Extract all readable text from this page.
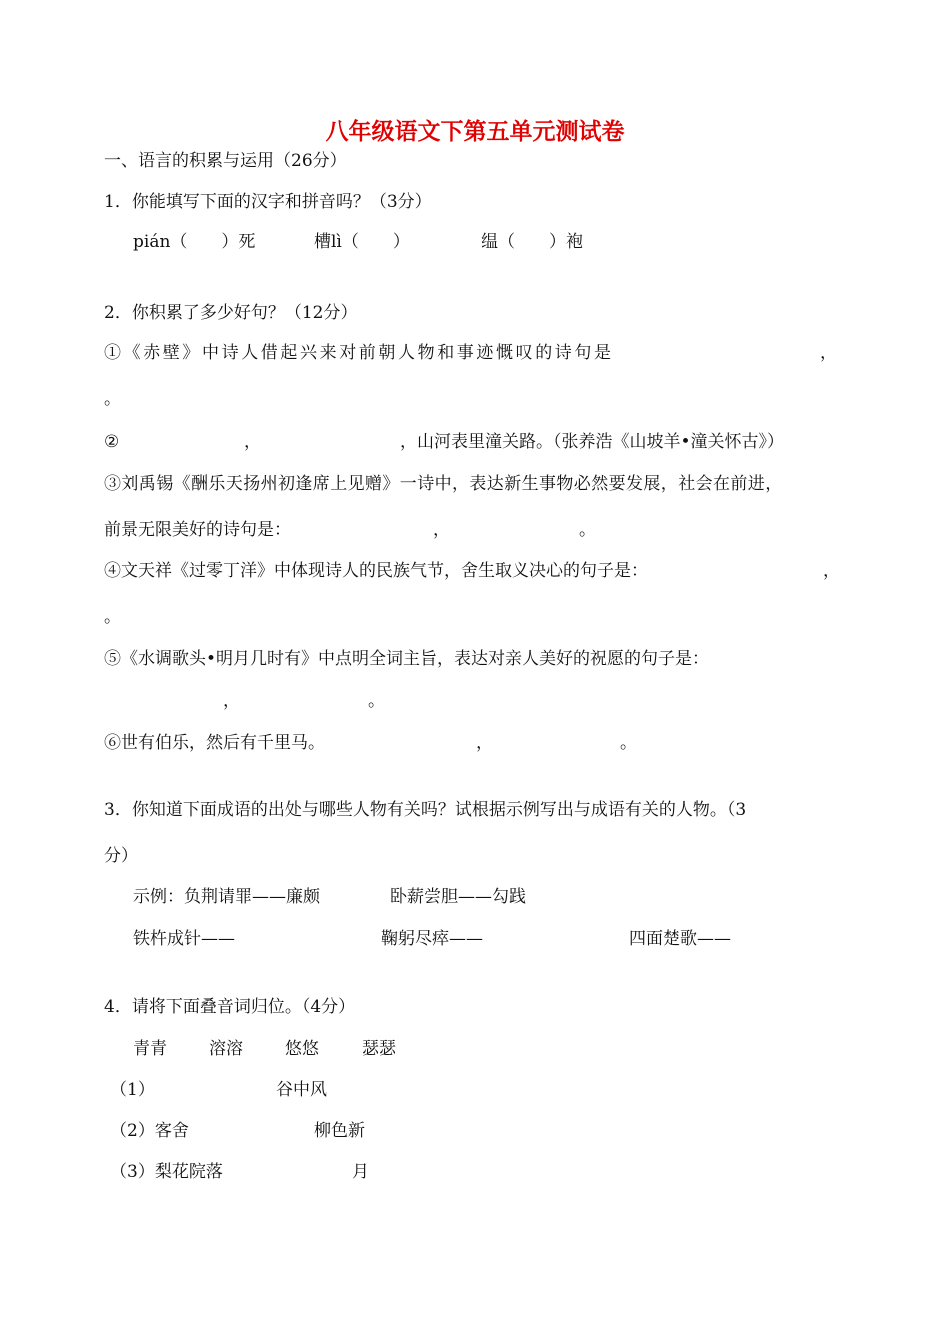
八年级语文下第五单元测试卷
一、语言的积累与运用（26分）
1．你能填写下面的汉字和拼音吗？（3分）
pián（　　）死	槽lì（　　）	缊（　　）袍
2．你积累了多少好句？（12分）
①《赤壁》中诗人借起兴来对前朝人物和事迹慨叹的诗句是	，
。
②	，	，山河表里潼关路。（张养浩《山坡羊•潼关怀古》）
③刘禹锡《酬乐天扬州初逢席上见赠》一诗中，表达新生事物必然要发展，社会在前进，
前景无限美好的诗句是：	，	。
④文天祥《过零丁洋》中体现诗人的民族气节，舍生取义决心的句子是：	，
。
⑤《水调歌头•明月几时有》中点明全词主旨，表达对亲人美好的祝愿的句子是：
，	。
⑥世有伯乐，然后有千里马。	，	。
3．你知道下面成语的出处与哪些人物有关吗？试根据示例写出与成语有关的人物。（3
分）
示例：负荆请罪——廉颇	卧薪尝胆——勾践
铁杵成针——	鞠躬尽瘁——	四面楚歌——
4．请将下面叠音词归位。（4分）
青青 溶溶 悠悠	瑟瑟
（1）	谷中风
（2）客舍	柳色新
（3）梨花院落	月
